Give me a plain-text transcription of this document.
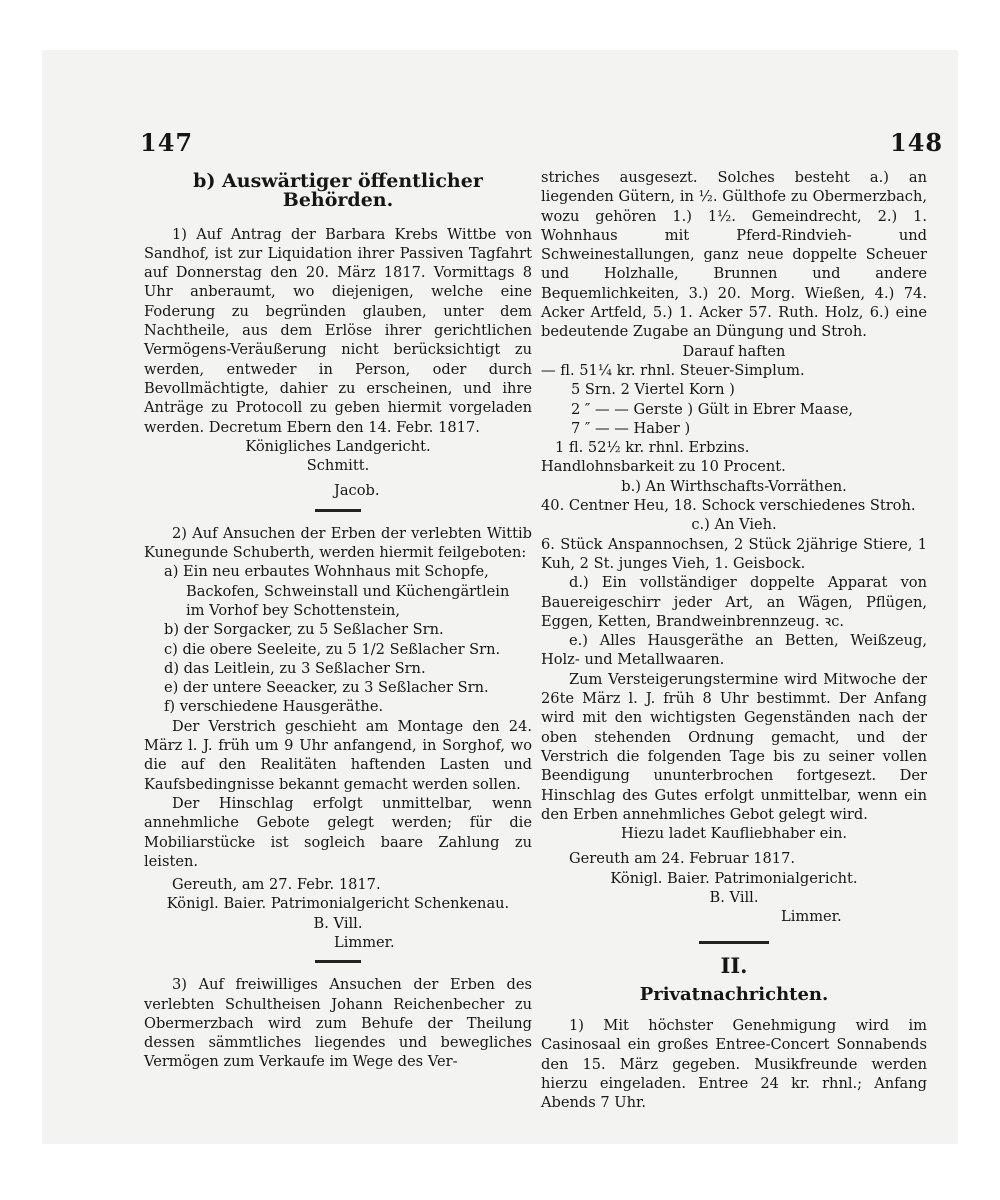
147	148
b) Auswärtiger öffentlicher Behörden.

1) Auf Antrag der Barbara Krebs Wittbe von Sandhof, ist zur Liquidation ihrer Passiven Tagfahrt auf Donnerstag den 20. März 1817. Vormittags 8 Uhr anberaumt, wo diejenigen, welche eine Foderung zu begründen glauben, unter dem Nachtheile, aus dem Erlöse ihrer gerichtlichen Vermögens-Veräußerung nicht berücksichtigt zu werden, entweder in Person, oder durch Bevollmächtigte, dahier zu erscheinen, und ihre Anträge zu Protocoll zu geben hiermit vorgeladen werden. Decretum Ebern den 14. Febr. 1817.

Königliches Landgericht.

Schmitt.

Jacob.

2) Auf Ansuchen der Erben der verlebten Wittib Kunegunde Schuberth, werden hiermit feilgeboten:

a) Ein neu erbautes Wohnhaus mit Schopfe, Backofen, Schweinstall und Küchengärtlein im Vorhof bey Schottenstein,

b) der Sorgacker, zu 5 Seßlacher Srn.

c) die obere Seeleite, zu 5 1/2 Seßlacher Srn.

d) das Leitlein, zu 3 Seßlacher Srn.

e) der untere Seeacker, zu 3 Seßlacher Srn.

f) verschiedene Hausgeräthe.

Der Verstrich geschieht am Montage den 24. März l. J. früh um 9 Uhr anfangend, in Sorghof, wo die auf den Realitäten haftenden Lasten und Kaufsbedingnisse bekannt gemacht werden sollen.

Der Hinschlag erfolgt unmittelbar, wenn annehmliche Gebote gelegt werden; für die Mobiliarstücke ist sogleich baare Zahlung zu leisten.

Gereuth, am 27. Febr. 1817.

Königl. Baier. Patrimonialgericht Schenkenau.

B. Vill.

Limmer.

3) Auf freiwilliges Ansuchen der Erben des verlebten Schultheisen Johann Reichenbecher zu Obermerzbach wird zum Behufe der Theilung dessen sämmtliches liegendes und bewegliches Vermögen zum Verkaufe im Wege des Ver-

striches ausgesezt. Solches besteht a.) an liegenden Gütern, in ½. Gülthofe zu Obermerzbach, wozu gehören 1.) 1½. Gemeindrecht, 2.) 1. Wohnhaus mit Pferd-Rindvieh- und Schweinestallungen, ganz neue doppelte Scheuer und Holzhalle, Brunnen und andere Bequemlichkeiten, 3.) 20. Morg. Wießen, 4.) 74. Acker Artfeld, 5.) 1. Acker 57. Ruth. Holz, 6.) eine bedeutende Zugabe an Düngung und Stroh.

Darauf haften

— fl. 51¼ kr. rhnl. Steuer-Simplum.

5 Srn. 2 Viertel Korn )

2 ″ — — Gerste ) Gült in Ebrer Maase,

7 ″ — — Haber )

1 fl. 52½ kr. rhnl. Erbzins.

Handlohnsbarkeit zu 10 Procent.

b.) An Wirthschafts-Vorräthen.

40. Centner Heu, 18. Schock verschiedenes Stroh.

c.) An Vieh.

6. Stück Anspannochsen, 2 Stück 2jährige Stiere, 1 Kuh, 2 St. junges Vieh, 1. Geisbock.

d.) Ein vollständiger doppelte Apparat von Bauereigeschirr jeder Art, an Wägen, Pflügen, Eggen, Ketten, Brandweinbrennzeug. ꝛc.

e.) Alles Hausgeräthe an Betten, Weißzeug, Holz- und Metallwaaren.

Zum Versteigerungstermine wird Mitwoche der 26te März l. J. früh 8 Uhr bestimmt. Der Anfang wird mit den wichtigsten Gegenständen nach der oben stehenden Ordnung gemacht, und der Verstrich die folgenden Tage bis zu seiner vollen Beendigung ununterbrochen fortgesezt. Der Hinschlag des Gutes erfolgt unmittelbar, wenn ein den Erben annehmliches Gebot gelegt wird.

Hiezu ladet Kaufliebhaber ein.

Gereuth am 24. Februar 1817.

Königl. Baier. Patrimonialgericht.

B. Vill.

Limmer.

II.
Privatnachrichten.

1) Mit höchster Genehmigung wird im Casinosaal ein großes Entree-Concert Sonnabends den 15. März gegeben. Musikfreunde werden hierzu eingeladen. Entree 24 kr. rhnl.; Anfang Abends 7 Uhr.
